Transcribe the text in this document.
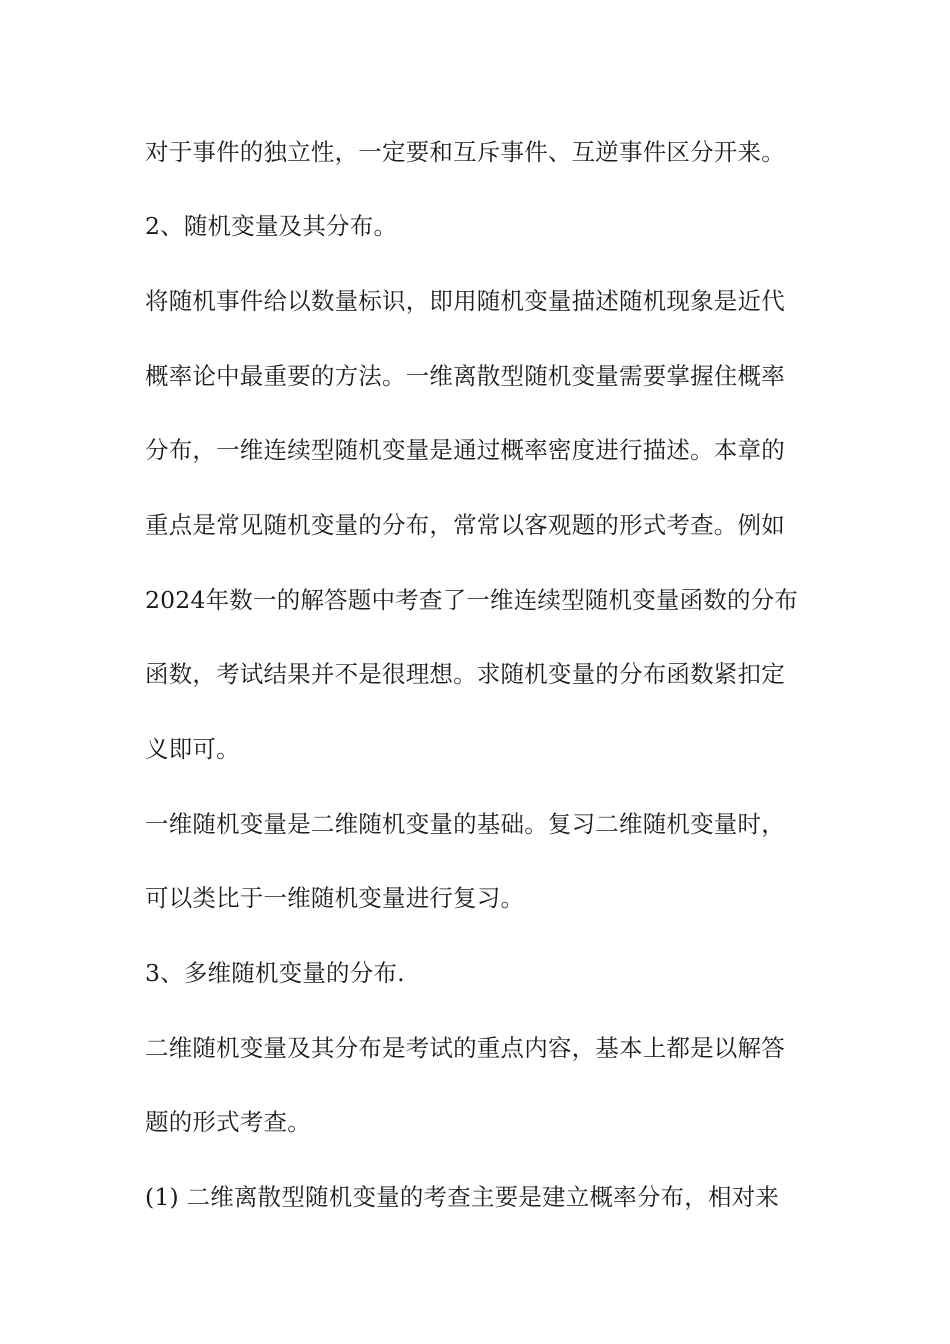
对于事件的独立性，一定要和互斥事件、互逆事件区分开来。
2、随机变量及其分布。
将随机事件给以数量标识，即用随机变量描述随机现象是近代
概率论中最重要的方法。一维离散型随机变量需要掌握住概率
分布，一维连续型随机变量是通过概率密度进行描述。本章的
重点是常见随机变量的分布，常常以客观题的形式考查。例如
2024年数一的解答题中考查了一维连续型随机变量函数的分布
函数，考试结果并不是很理想。求随机变量的分布函数紧扣定
义即可。
一维随机变量是二维随机变量的基础。复习二维随机变量时，
可以类比于一维随机变量进行复习。
3、多维随机变量的分布.
二维随机变量及其分布是考试的重点内容，基本上都是以解答
题的形式考查。
(1) 二维离散型随机变量的考查主要是建立概率分布，相对来
